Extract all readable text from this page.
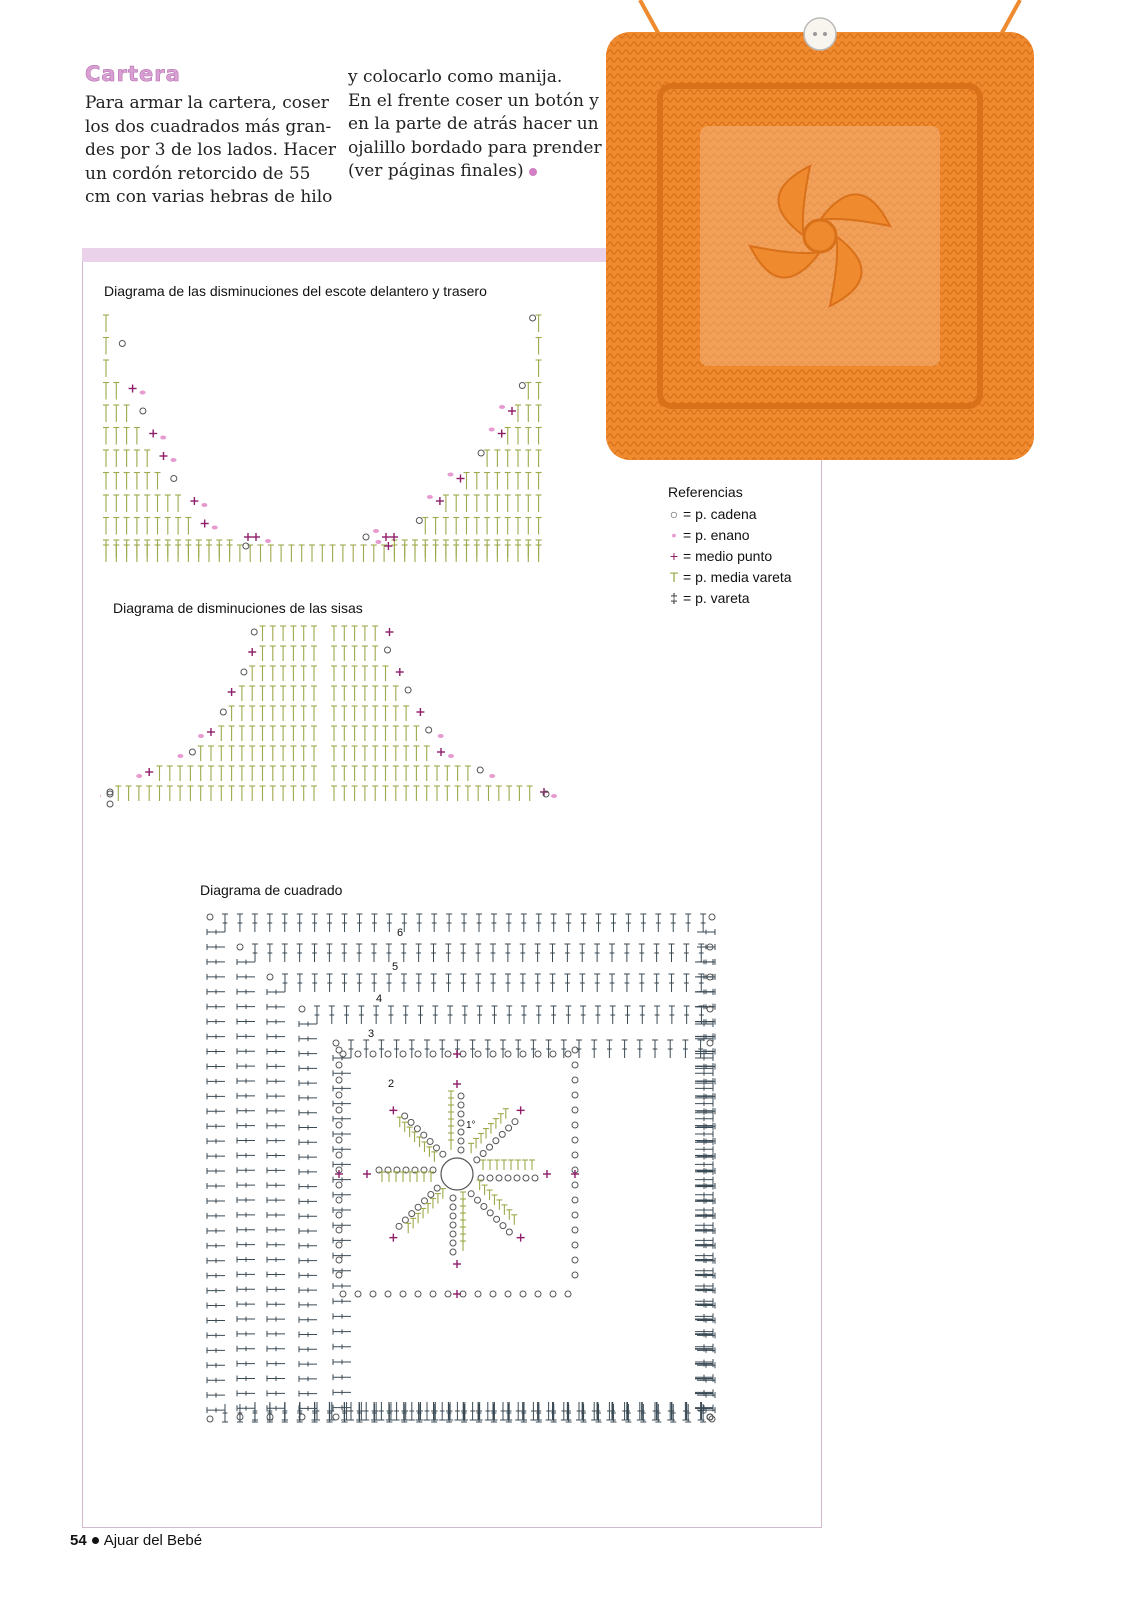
Cartera
Para armar la cartera, coser
los dos cuadrados más gran-
des por 3 de los lados. Hacer
un cordón retorcido de 55
cm con varias hebras de hilo
y colocarlo como manija.
En el frente coser un botón y
en la parte de atrás hacer un
ojalillo bordado para prender
(ver páginas finales)
Diagrama de las disminuciones del escote delantero y trasero
Diagrama de disminuciones de las sisas
Diagrama de cuadrado
6
5
4
3
2
1°
Referencias
○ = p. cadena
• = p. enano
+ = medio punto
T = p. media vareta
‡ = p. vareta
54 Ajuar del Bebé
